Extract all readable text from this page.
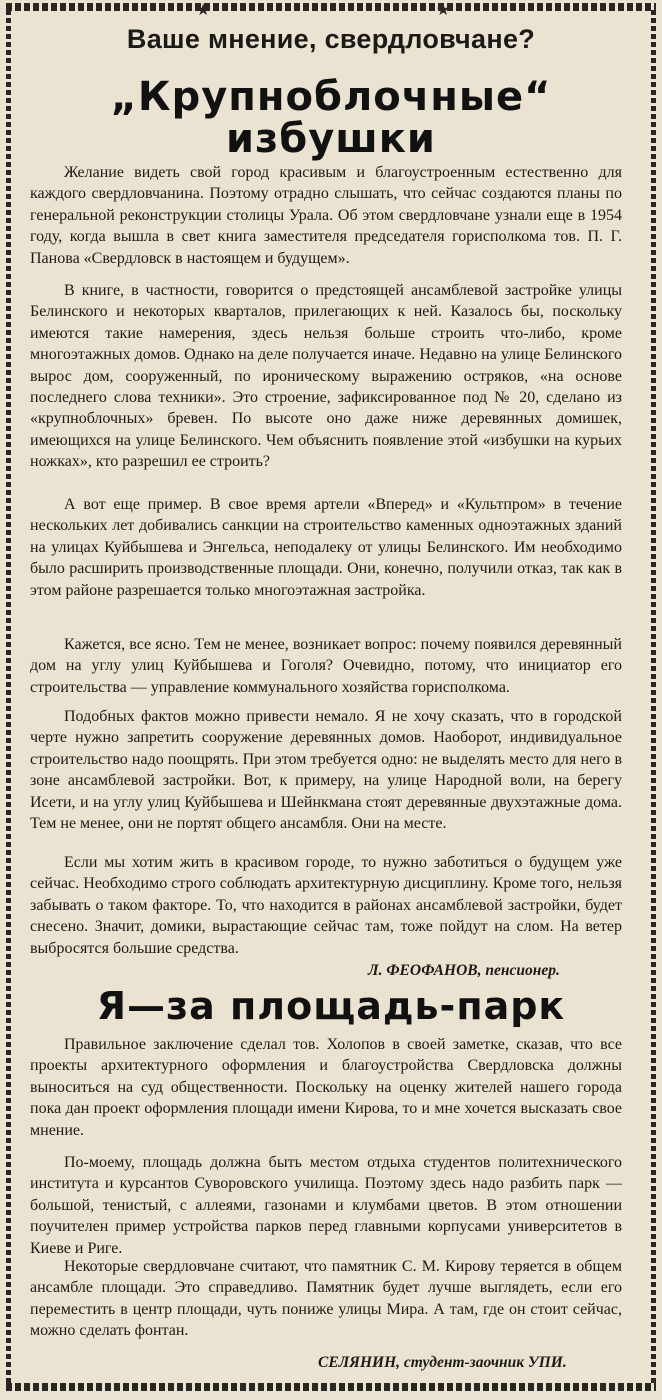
★	★
Ваше мнение, свердловчане?
„Крупноблочные“
избушки

Желание видеть свой город красивым и благоустроенным естественно для каждого свердловчанина. Поэтому отрадно слышать, что сейчас создаются планы по генеральной реконструкции столицы Урала. Об этом свердловчане узнали еще в 1954 году, когда вышла в свет книга заместителя председателя горисполкома тов. П. Г. Панова «Свердловск в настоящем и будущем».

В книге, в частности, говорится о предстоящей ансамблевой застройке улицы Белинского и некоторых кварталов, прилегающих к ней. Казалось бы, поскольку имеются такие намерения, здесь нельзя больше строить что-либо, кроме многоэтажных домов. Однако на деле получается иначе. Недавно на улице Белинского вырос дом, сооруженный, по ироническому выражению остряков, «на основе последнего слова техники». Это строение, зафиксированное под № 20, сделано из «крупноблочных» бревен. По высоте оно даже ниже деревянных домишек, имеющихся на улице Белинского. Чем объяснить появление этой «избушки на курьих ножках», кто разрешил ее строить?

А вот еще пример. В свое время артели «Вперед» и «Культпром» в течение нескольких лет добивались санкции на строительство каменных одноэтажных зданий на улицах Куйбышева и Энгельса, неподалеку от улицы Белинского. Им необходимо было расширить производственные площади. Они, конечно, получили отказ, так как в этом районе разрешается только многоэтажная застройка.

Кажется, все ясно. Тем не менее, возникает вопрос: почему появился деревянный дом на углу улиц Куйбышева и Гоголя? Очевидно, потому, что инициатор его строительства — управление коммунального хозяйства горисполкома.

Подобных фактов можно привести немало. Я не хочу сказать, что в городской черте нужно запретить сооружение деревянных домов. Наоборот, индивидуальное строительство надо поощрять. При этом требуется одно: не выделять место для него в зоне ансамблевой застройки. Вот, к примеру, на улице Народной воли, на берегу Исети, и на углу улиц Куйбышева и Шейнкмана стоят деревянные двухэтажные дома. Тем не менее, они не портят общего ансамбля. Они на месте.

Если мы хотим жить в красивом городе, то нужно заботиться о будущем уже сейчас. Необходимо строго соблюдать архитектурную дисциплину. Кроме того, нельзя забывать о таком факторе. То, что находится в районах ансамблевой застройки, будет снесено. Значит, домики, вырастающие сейчас там, тоже пойдут на слом. На ветер выбросятся большие средства.

Л. ФЕОФАНОВ, пенсионер.
Я—за площадь-парк

Правильное заключение сделал тов. Холопов в своей заметке, сказав, что все проекты архитектурного оформления и благоустройства Свердловска должны выноситься на суд общественности. Поскольку на оценку жителей нашего города пока дан проект оформления площади имени Кирова, то и мне хочется высказать свое мнение.

По-моему, площадь должна быть местом отдыха студентов политехнического института и курсантов Суворовского училища. Поэтому здесь надо разбить парк — большой, тенистый, с аллеями, газонами и клумбами цветов. В этом отношении поучителен пример устройства парков перед главными корпусами университетов в Киеве и Риге.

Некоторые свердловчане считают, что памятник С. М. Кирову теряется в общем ансамбле площади. Это справедливо. Памятник будет лучше выглядеть, если его переместить в центр площади, чуть пониже улицы Мира. А там, где он стоит сейчас, можно сделать фонтан.

СЕЛЯНИН, студент-заочник УПИ.
